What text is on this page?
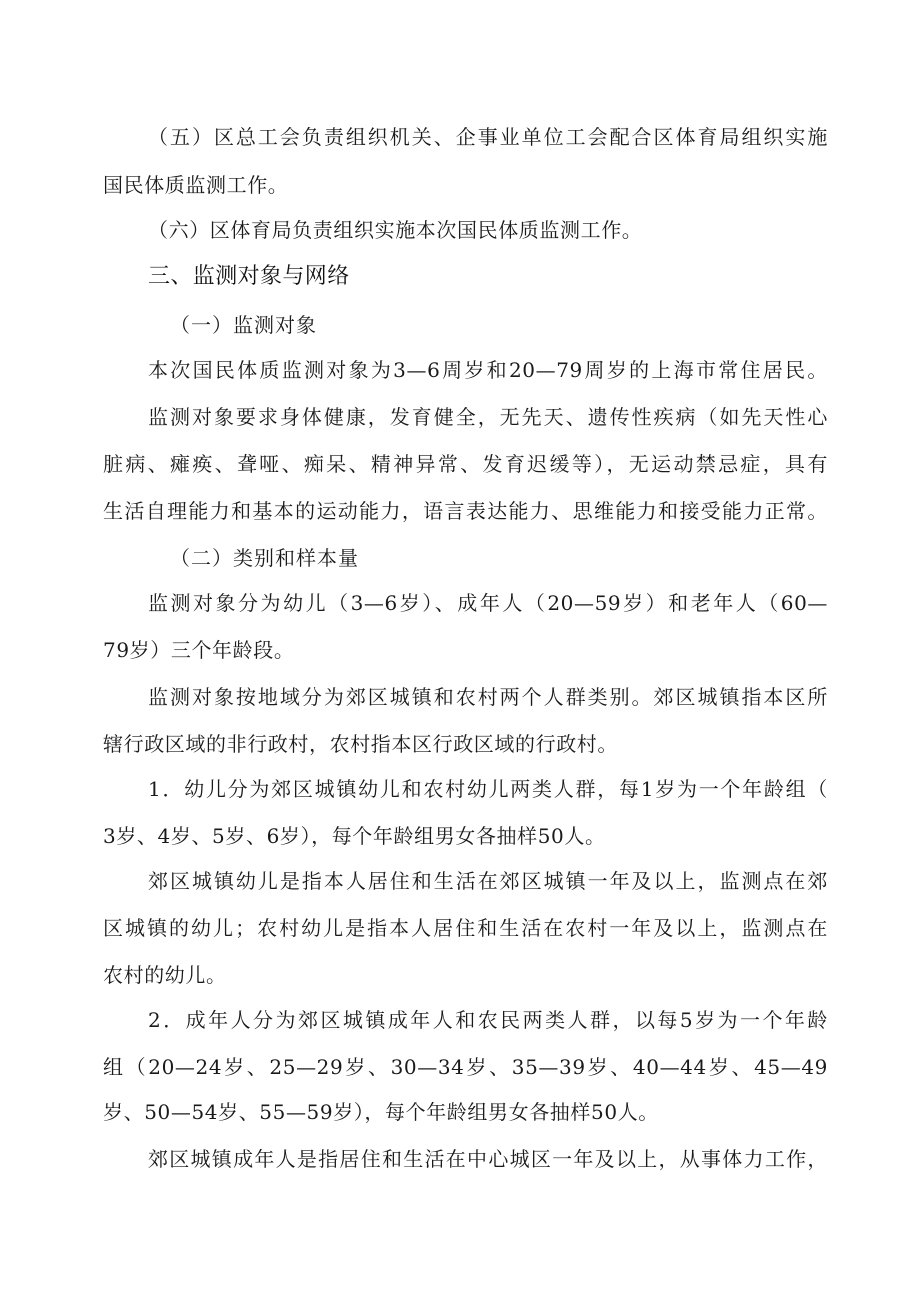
（五）区总工会负责组织机关、企事业单位工会配合区体育局组织实施
国民体质监测工作。
（六）区体育局负责组织实施本次国民体质监测工作。
三、监测对象与网络
（一）监测对象
本次国民体质监测对象为3—6周岁和20—79周岁的上海市常住居民。
监测对象要求身体健康，发育健全，无先天、遗传性疾病（如先天性心
脏病、瘫痪、聋哑、痴呆、精神异常、发育迟缓等），无运动禁忌症，具有
生活自理能力和基本的运动能力，语言表达能力、思维能力和接受能力正常。
（二）类别和样本量
监测对象分为幼儿（3—6岁）、成年人（20—59岁）和老年人（60—
79岁）三个年龄段。
监测对象按地域分为郊区城镇和农村两个人群类别。郊区城镇指本区所
辖行政区域的非行政村，农村指本区行政区域的行政村。
1．幼儿分为郊区城镇幼儿和农村幼儿两类人群，每1岁为一个年龄组（
3岁、4岁、5岁、6岁），每个年龄组男女各抽样50人。
郊区城镇幼儿是指本人居住和生活在郊区城镇一年及以上，监测点在郊
区城镇的幼儿；农村幼儿是指本人居住和生活在农村一年及以上，监测点在
农村的幼儿。
2．成年人分为郊区城镇成年人和农民两类人群，以每5岁为一个年龄
组（20—24岁、25—29岁、30—34岁、35—39岁、40—44岁、45—49
岁、50—54岁、55—59岁），每个年龄组男女各抽样50人。
郊区城镇成年人是指居住和生活在中心城区一年及以上，从事体力工作，
